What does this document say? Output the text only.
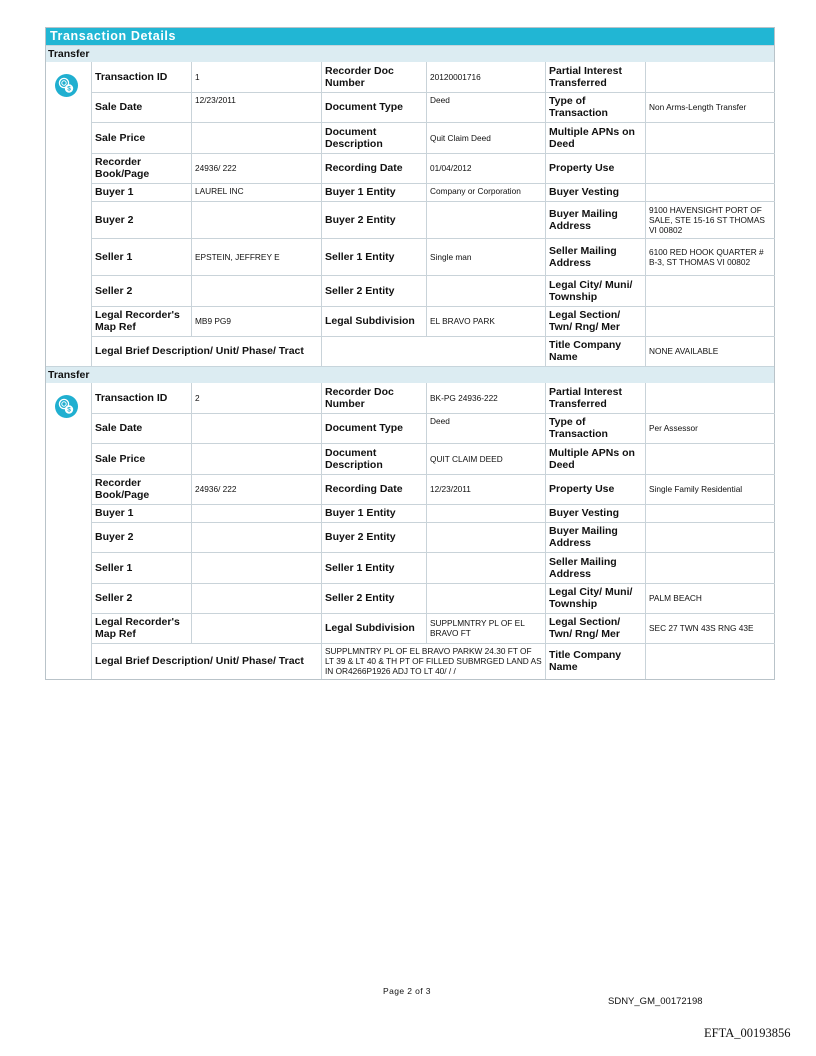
Transaction Details
Transfer
$
Transaction ID	1	Recorder Doc Number	20120001716	Partial Interest Transferred	
Sale Date	12/23/2011	Document Type	Deed	Type of Transaction	Non Arms-Length Transfer
Sale Price		Document Description	Quit Claim Deed	Multiple APNs on Deed	
Recorder Book/Page	24936/ 222	Recording Date	01/04/2012	Property Use	
Buyer 1	LAUREL INC	Buyer 1 Entity	Company or Corporation	Buyer Vesting	
Buyer 2		Buyer 2 Entity		Buyer Mailing Address	9100 HAVENSIGHT PORT OF SALE, STE 15-16 ST THOMAS VI 00802
Seller 1	EPSTEIN, JEFFREY E	Seller 1 Entity	Single man	Seller Mailing Address	6100 RED HOOK QUARTER # B-3, ST THOMAS VI 00802
Seller 2		Seller 2 Entity		Legal City/ Muni/ Township	
Legal Recorder's Map Ref	MB9 PG9	Legal Subdivision	EL BRAVO PARK	Legal Section/ Twn/ Rng/ Mer	
Legal Brief Description/ Unit/ Phase/ Tract				Title Company Name	NONE AVAILABLE
Transfer
$
Transaction ID	2	Recorder Doc Number	BK-PG 24936-222	Partial Interest Transferred	
Sale Date		Document Type	Deed	Type of Transaction	Per Assessor
Sale Price		Document Description	QUIT CLAIM DEED	Multiple APNs on Deed	
Recorder Book/Page	24936/ 222	Recording Date	12/23/2011	Property Use	Single Family Residential
Buyer 1		Buyer 1 Entity		Buyer Vesting	
Buyer 2		Buyer 2 Entity		Buyer Mailing Address	
Seller 1		Seller 1 Entity		Seller Mailing Address	
Seller 2		Seller 2 Entity		Legal City/ Muni/ Township	PALM BEACH
Legal Recorder's Map Ref		Legal Subdivision	SUPPLMNTRY PL OF EL BRAVO FT	Legal Section/ Twn/ Rng/ Mer	SEC 27 TWN 43S RNG 43E
Legal Brief Description/ Unit/ Phase/ Tract		SUPPLMNTRY PL OF EL BRAVO PARKW 24.30 FT OF LT 39 & LT 40 & TH PT OF FILLED SUBMRGED LAND AS IN OR4266P1926 ADJ TO LT 40/ / /		Title Company Name	
Page 2 of 3
SDNY_GM_00172198
EFTA_00193856
